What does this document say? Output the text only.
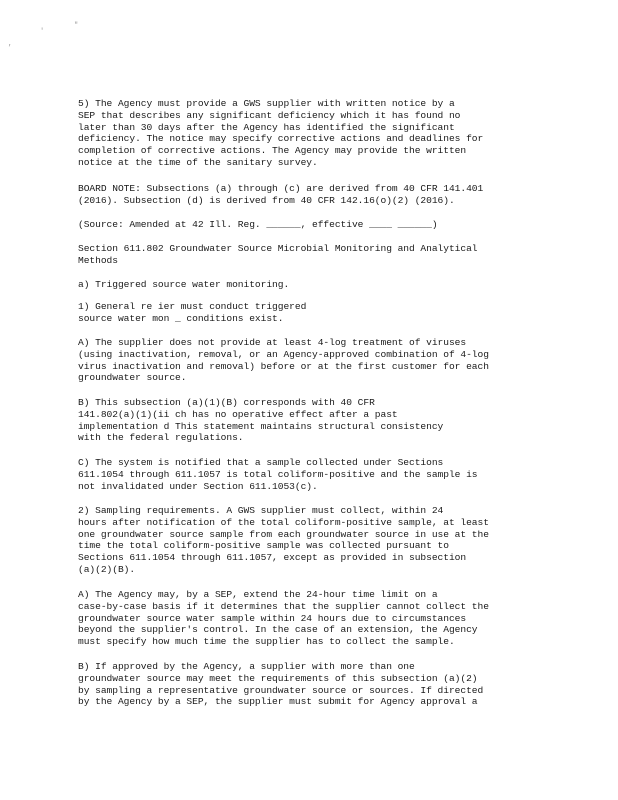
,
'
"

5) The Agency must provide a GWS supplier with written notice by a
SEP that describes any significant deficiency which it has found no
later than 30 days after the Agency has identified the significant
deficiency. The notice may specify corrective actions and deadlines for
completion of corrective actions. The Agency may provide the written
notice at the time of the sanitary survey.

BOARD NOTE: Subsections (a) through (c) are derived from 40 CFR 141.401
(2016). Subsection (d) is derived from 40 CFR 142.16(o)(2) (2016).

(Source: Amended at 42 Ill. Reg. ______, effective ____ ______)

Section 611.802 Groundwater Source Microbial Monitoring and Analytical
Methods

a) Triggered source water monitoring.

1) General re ier must conduct triggered
source water mon _ conditions exist.

A) The supplier does not provide at least 4-log treatment of viruses
(using inactivation, removal, or an Agency-approved combination of 4-log
virus inactivation and removal) before or at the first customer for each
groundwater source.

B) This subsection (a)(1)(B) corresponds with 40 CFR
141.802(a)(1)(ii ch has no operative effect after a past
implementation d This statement maintains structural consistency
with the federal regulations.

C) The system is notified that a sample collected under Sections
611.1054 through 611.1057 is total coliform-positive and the sample is
not invalidated under Section 611.1053(c).

2) Sampling requirements. A GWS supplier must collect, within 24
hours after notification of the total coliform-positive sample, at least
one groundwater source sample from each groundwater source in use at the
time the total coliform-positive sample was collected pursuant to
Sections 611.1054 through 611.1057, except as provided in subsection
(a)(2)(B).

A) The Agency may, by a SEP, extend the 24-hour time limit on a
case-by-case basis if it determines that the supplier cannot collect the
groundwater source water sample within 24 hours due to circumstances
beyond the supplier's control. In the case of an extension, the Agency
must specify how much time the supplier has to collect the sample.

B) If approved by the Agency, a supplier with more than one
groundwater source may meet the requirements of this subsection (a)(2)
by sampling a representative groundwater source or sources. If directed
by the Agency by a SEP, the supplier must submit for Agency approval a
